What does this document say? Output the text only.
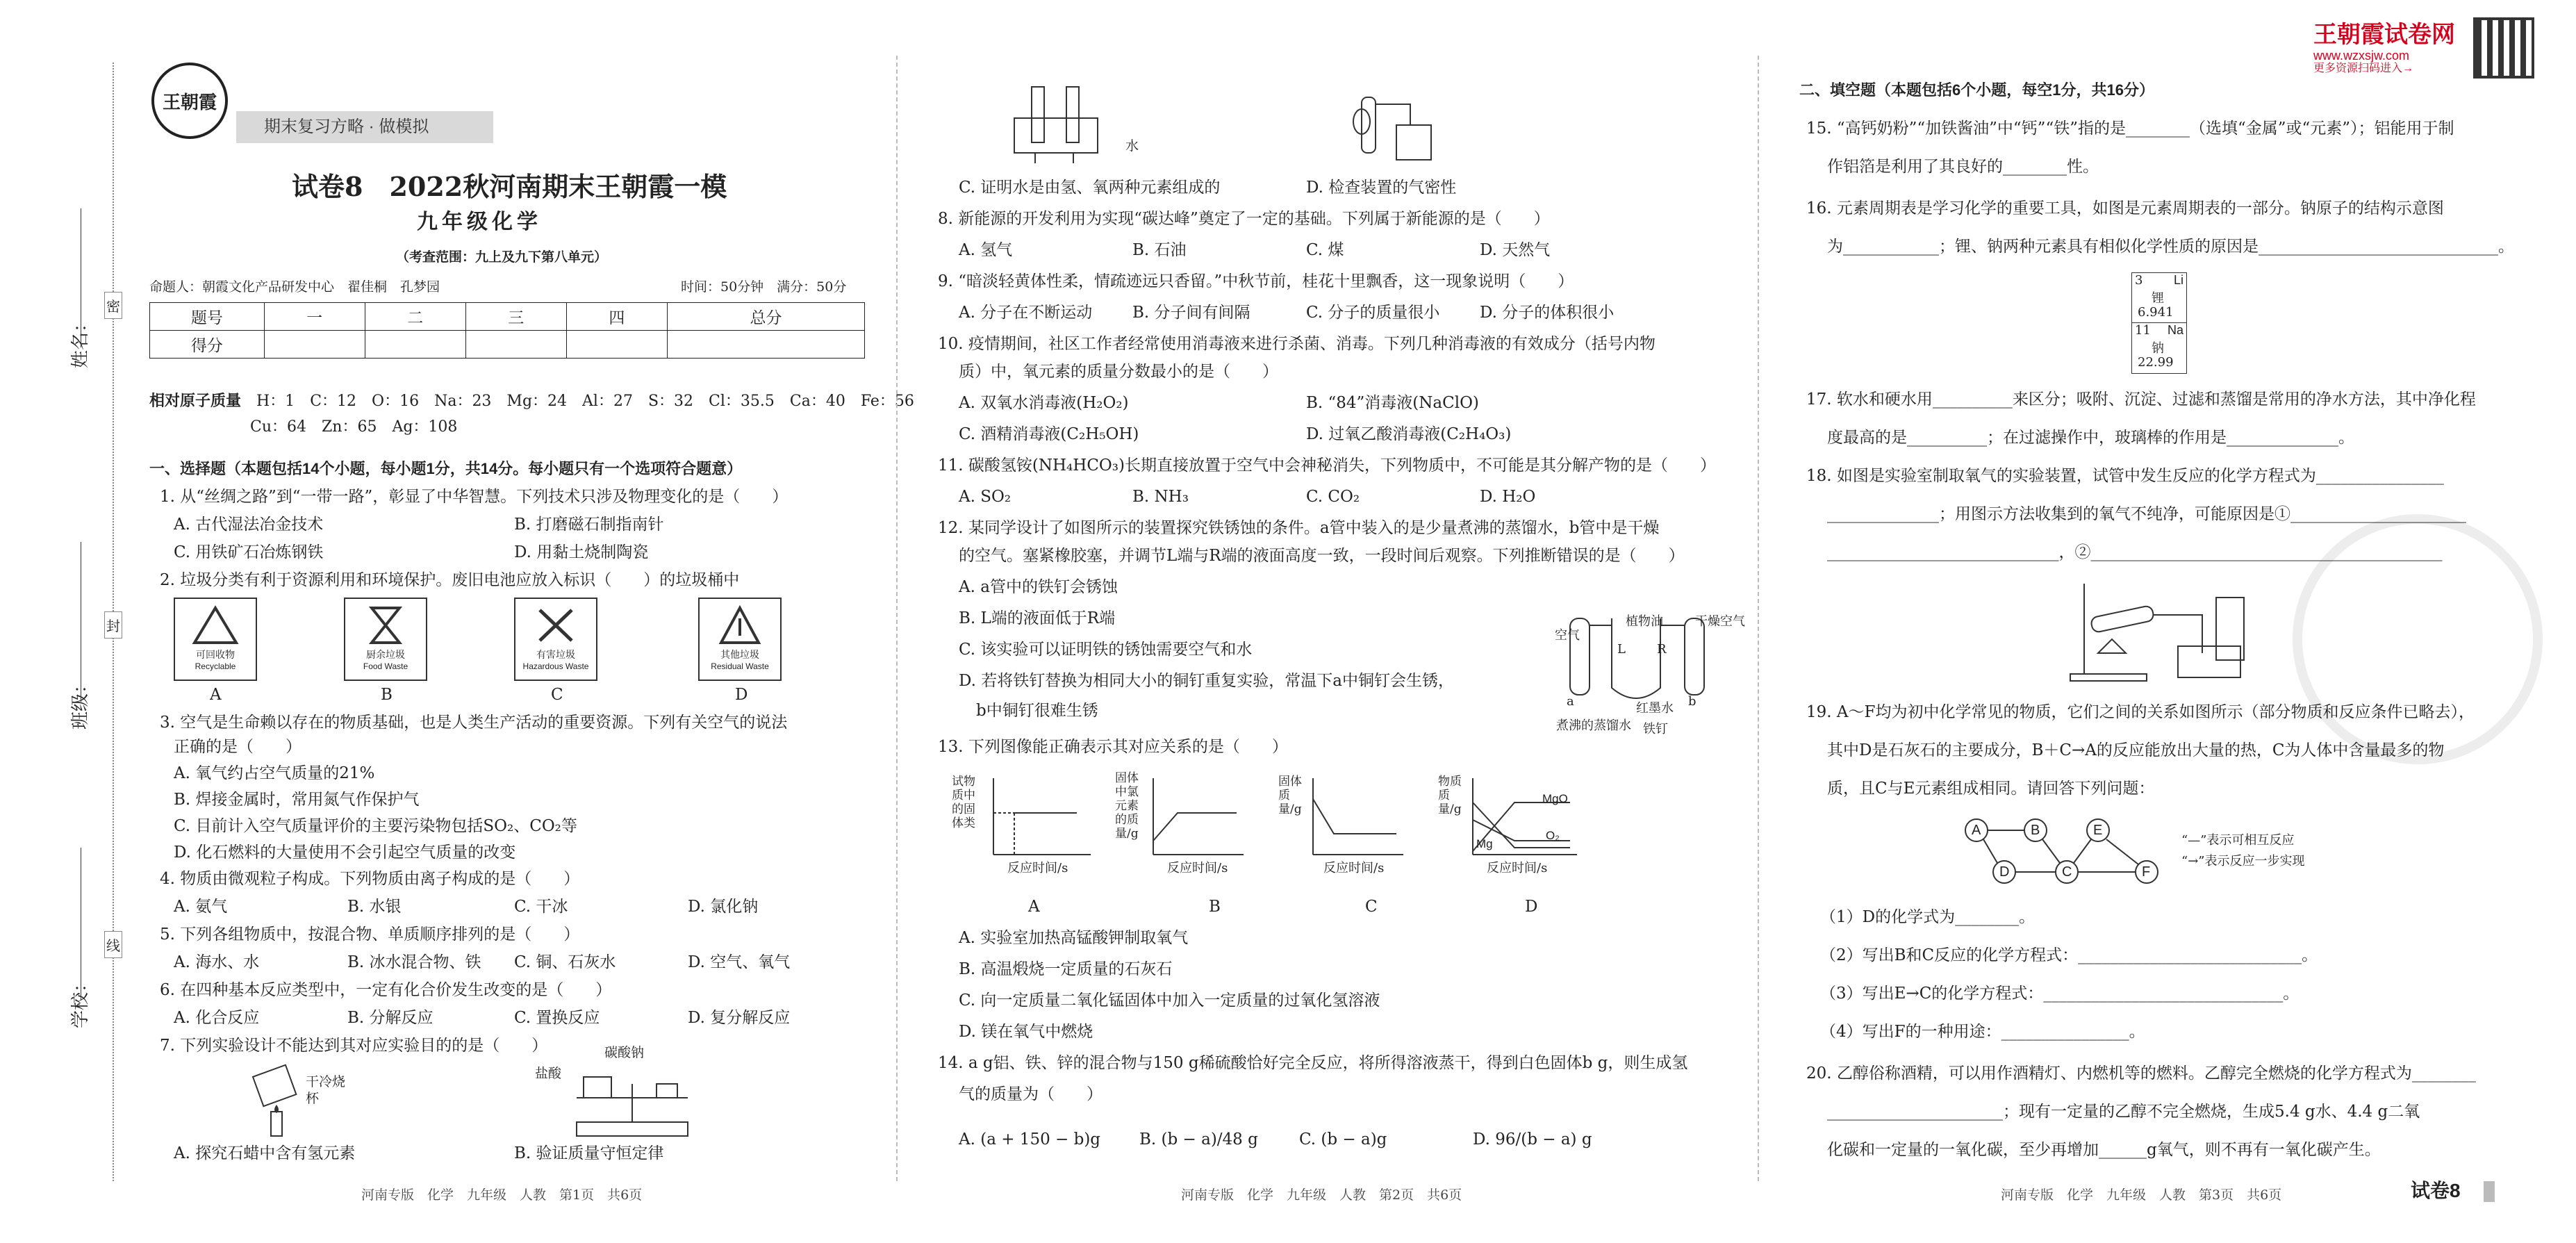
密
封
线
姓名：
班级：
学校：
王朝霞
期末复习方略 · 做模拟
试卷8　 2022秋河南期末王朝霞一模
九年级化学
（考查范围：九上及九下第八单元）
命题人：朝霞文化产品研发中心　翟佳桐　孔梦园	时间：50分钟　满分：50分
题号	一	二	三	四	总分
得分					
相对原子质量　 H：1　C：12　O：16　Na：23　Mg：24　Al：27　S：32　Cl：35.5　Ca：40　Fe：56
Cu：64　Zn：65　Ag：108
一、选择题（本题包括14个小题，每小题1分，共14分。每小题只有一个选项符合题意）
1. 从“丝绸之路”到“一带一路”，彰显了中华智慧。下列技术只涉及物理变化的是（　　）
A. 古代湿法冶金技术	B. 打磨磁石制指南针
C. 用铁矿石冶炼钢铁	D. 用黏土烧制陶瓷
2. 垃圾分类有利于资源利用和环境保护。废旧电池应放入标识（　　）的垃圾桶中
可回收物
Recyclable
厨余垃圾
Food Waste
有害垃圾
Hazardous Waste
其他垃圾
Residual Waste
A	B	C	D
3. 空气是生命赖以存在的物质基础，也是人类生产活动的重要资源。下列有关空气的说法
正确的是（　　）
A. 氧气约占空气质量的21%
B. 焊接金属时，常用氮气作保护气
C. 目前计入空气质量评价的主要污染物包括SO₂、CO₂等
D. 化石燃料的大量使用不会引起空气质量的改变
4. 物质由微观粒子构成。下列物质由离子构成的是（　　）
A. 氨气	B. 水银	C. 干冰	D. 氯化钠
5. 下列各组物质中，按混合物、单质顺序排列的是（　　）
A. 海水、水	B. 冰水混合物、铁 C. 铜、石灰水	D. 空气、氧气
6. 在四种基本反应类型中，一定有化合价发生改变的是（　　）
A. 化合反应	B. 分解反应	C. 置换反应	D. 复分解反应
7. 下列实验设计不能达到其对应实验目的的是（　　）
干冷烧杯
盐酸
碳酸钠
A. 探究石蜡中含有氢元素	B. 验证质量守恒定律
河南专版　化学　九年级　人教　第1页　共6页
水
C. 证明水是由氢、氧两种元素组成的	D. 检查装置的气密性
8. 新能源的开发利用为实现“碳达峰”奠定了一定的基础。下列属于新能源的是（　　）
A. 氢气	B. 石油	C. 煤	D. 天然气
9. “暗淡轻黄体性柔，情疏迹远只香留。”中秋节前，桂花十里飘香，这一现象说明（　　）
A. 分子在不断运动	B. 分子间有间隔	C. 分子的质量很小	D. 分子的体积很小
10. 疫情期间，社区工作者经常使用消毒液来进行杀菌、消毒。下列几种消毒液的有效成分（括号内物
质）中，氧元素的质量分数最小的是（　　）
A. 双氧水消毒液(H₂O₂)	B. “84”消毒液(NaClO)
C. 酒精消毒液(C₂H₅OH)	D. 过氧乙酸消毒液(C₂H₄O₃)
11. 碳酸氢铵(NH₄HCO₃)长期直接放置于空气中会神秘消失，下列物质中，不可能是其分解产物的是（　　）
A. SO₂	B. NH₃	C. CO₂	D. H₂O
12. 某同学设计了如图所示的装置探究铁锈蚀的条件。a管中装入的是少量煮沸的蒸馏水，b管中是干燥
的空气。塞紧橡胶塞，并调节L端与R端的液面高度一致，一段时间后观察。下列推断错误的是（　　）
A. a管中的铁钉会锈蚀
B. L端的液面低于R端
C. 该实验可以证明铁的锈蚀需要空气和水
D. 若将铁钉替换为相同大小的铜钉重复实验，常温下a中铜钉会生锈，
b中铜钉很难生锈
空气
植物油	干燥空气
L	R
a	b
煮沸的蒸馏水
红墨水
铁钉
13. 下列图像能正确表示其对应关系的是（　　）
试物质中的固体类
反应时间/s
A
固体中氯元素的质量/g
反应时间/s
B
固体质量/g
反应时间/s
C
物质质量/g
MgO
O₂
Mg
反应时间/s
D
A. 实验室加热高锰酸钾制取氧气
B. 高温煅烧一定质量的石灰石
C. 向一定质量二氧化锰固体中加入一定质量的过氧化氢溶液
D. 镁在氧气中燃烧
14. a g铝、铁、锌的混合物与150 g稀硫酸恰好完全反应，将所得溶液蒸干，得到白色固体b g，则生成氢
气的质量为（　　）
A. (a + 150 − b)g B. (b − a)/48 g	C. (b − a)g	D. 96/(b − a) g
河南专版　化学　九年级　人教　第2页　共6页
王朝霞试卷网
www.wzxsjw.com
更多资源扫码进入→
二、填空题（本题包括6个小题，每空1分，共16分）
15. “高钙奶粉”“加铁酱油”中“钙”“铁”指的是________（选填“金属”或“元素”）；铝能用于制
作铝箔是利用了其良好的________性。
16. 元素周期表是学习化学的重要工具，如图是元素周期表的一部分。钠原子的结构示意图
为____________；锂、钠两种元素具有相似化学性质的原因是______________________________。
3 Li
锂
6.941
11 Na
钠
22.99
17. 软水和硬水用__________来区分；吸附、沉淀、过滤和蒸馏是常用的净水方法，其中净化程
度最高的是__________；在过滤操作中，玻璃棒的作用是______________。
18. 如图是实验室制取氧气的实验装置，试管中发生反应的化学方程式为________________
______________；用图示方法收集到的氧气不纯净，可能原因是①______________________
_____________________________，②____________________________________________
19. A～F均为初中化学常见的物质，它们之间的关系如图所示（部分物质和反应条件已略去），
其中D是石灰石的主要成分，B＋C→A的反应能放出大量的热，C为人体中含量最多的物
质，且C与E元素组成相同。请回答下列问题：
A	B	E
D	C	F
“—”表示可相互反应
“→”表示反应一步实现
（1）D的化学式为________。
（2）写出B和C反应的化学方程式：____________________________。
（3）写出E→C的化学方程式：______________________________。
（4）写出F的一种用途：________________。
20. 乙醇俗称酒精，可以用作酒精灯、内燃机等的燃料。乙醇完全燃烧的化学方程式为________
______________________；现有一定量的乙醇不完全燃烧，生成5.4 g水、4.4 g二氧
化碳和一定量的一氧化碳，至少再增加______g氧气，则不再有一氧化碳产生。
河南专版　化学　九年级　人教　第3页　共6页	试卷8
